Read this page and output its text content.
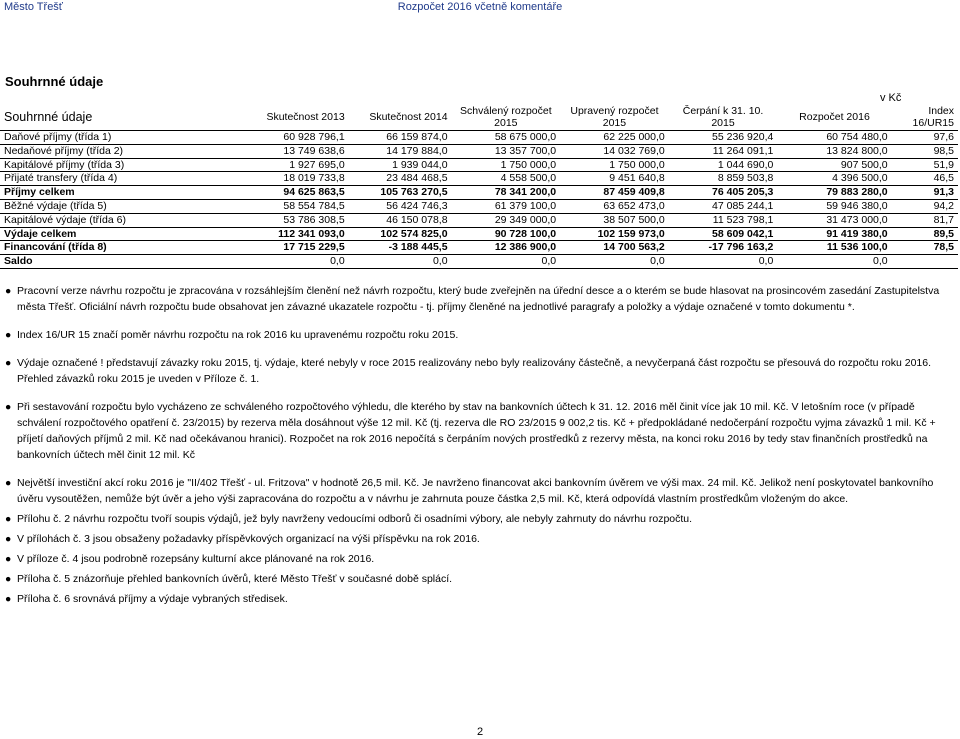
Město Třešť	Rozpočet 2016 včetně komentáře
Souhrnné údaje
v Kč
Souhrnné údaje	Skutečnost 2013	Skutečnost 2014	Schválený rozpočet 2015	Upravený rozpočet 2015	Čerpání k 31. 10. 2015	Rozpočet 2016	Index 16/UR15
Daňové příjmy (třída 1)	60 928 796,1	66 159 874,0	58 675 000,0	62 225 000,0	55 236 920,4	60 754 480,0	97,6
Nedaňové příjmy (třída 2)	13 749 638,6	14 179 884,0	13 357 700,0	14 032 769,0	11 264 091,1	13 824 800,0	98,5
Kapitálové příjmy (třída 3)	1 927 695,0	1 939 044,0	1 750 000,0	1 750 000,0	1 044 690,0	907 500,0	51,9
Přijaté transfery (třída 4)	18 019 733,8	23 484 468,5	4 558 500,0	9 451 640,8	8 859 503,8	4 396 500,0	46,5
Příjmy celkem	94 625 863,5	105 763 270,5	78 341 200,0	87 459 409,8	76 405 205,3	79 883 280,0	91,3
Běžné výdaje (třída 5)	58 554 784,5	56 424 746,3	61 379 100,0	63 652 473,0	47 085 244,1	59 946 380,0	94,2
Kapitálové výdaje (třída 6)	53 786 308,5	46 150 078,8	29 349 000,0	38 507 500,0	11 523 798,1	31 473 000,0	81,7
Výdaje celkem	112 341 093,0	102 574 825,0	90 728 100,0	102 159 973,0	58 609 042,1	91 419 380,0	89,5
Financování (třída 8)	17 715 229,5	-3 188 445,5	12 386 900,0	14 700 563,2	-17 796 163,2	11 536 100,0	78,5
Saldo	0,0	0,0	0,0	0,0	0,0	0,0	
● Pracovní verze návrhu rozpočtu je zpracována v rozsáhlejším členění než návrh rozpočtu, který bude zveřejněn na úřední desce a o kterém se bude hlasovat na prosincovém zasedání Zastupitelstva města Třešť. Oficiální návrh rozpočtu bude obsahovat jen závazné ukazatele rozpočtu - tj. příjmy členěné na jednotlivé paragrafy a položky a výdaje označené v tomto dokumentu *.
● Index 16/UR 15 značí poměr návrhu rozpočtu na rok 2016 ku upravenému rozpočtu roku 2015.
● Výdaje označené ! představují závazky roku 2015, tj. výdaje, které nebyly v roce 2015 realizovány nebo byly realizovány částečně, a nevyčerpaná část rozpočtu se přesouvá do rozpočtu roku 2016. Přehled závazků roku 2015 je uveden v Příloze č. 1.
● Při sestavování rozpočtu bylo vycházeno ze schváleného rozpočtového výhledu, dle kterého by stav na bankovních účtech k 31. 12. 2016 měl činit více jak 10 mil. Kč. V letošním roce (v případě schválení rozpočtového opatření č. 23/2015) by rezerva měla dosáhnout výše 12 mil. Kč (tj. rezerva dle RO 23/2015 9 002,2 tis. Kč + předpokládané nedočerpání rozpočtu vyjma závazků 1 mil. Kč + příjetí daňových příjmů 2 mil. Kč nad očekávanou hranici). Rozpočet na rok 2016 nepočítá s čerpáním nových prostředků z rezervy města, na konci roku 2016 by tedy stav finančních prostředků na bankovních účtech měl činit 12 mil. Kč
● Největší investiční akcí roku 2016 je "II/402 Třešť - ul. Fritzova" v hodnotě 26,5 mil. Kč. Je navrženo financovat akci bankovním úvěrem ve výši max. 24 mil. Kč. Jelikož není poskytovatel bankovního úvěru vysoutěžen, nemůže být úvěr a jeho výši zapracována do rozpočtu a v návrhu je zahrnuta pouze částka 2,5 mil. Kč, která odpovídá vlastním prostředkům vloženým do akce.
● Přílohu č. 2 návrhu rozpočtu tvoří soupis výdajů, jež byly navrženy vedoucími odborů či osadními výbory, ale nebyly zahrnuty do návrhu rozpočtu.
● V přílohách č. 3 jsou obsaženy požadavky příspěvkových organizací na výši příspěvku na rok 2016.
● V příloze č. 4 jsou podrobně rozepsány kulturní akce plánované na rok 2016.
● Příloha č. 5 znázorňuje přehled bankovních úvěrů, které Město Třešť v současné době splácí.
● Příloha č. 6 srovnává příjmy a výdaje vybraných středisek.
2
